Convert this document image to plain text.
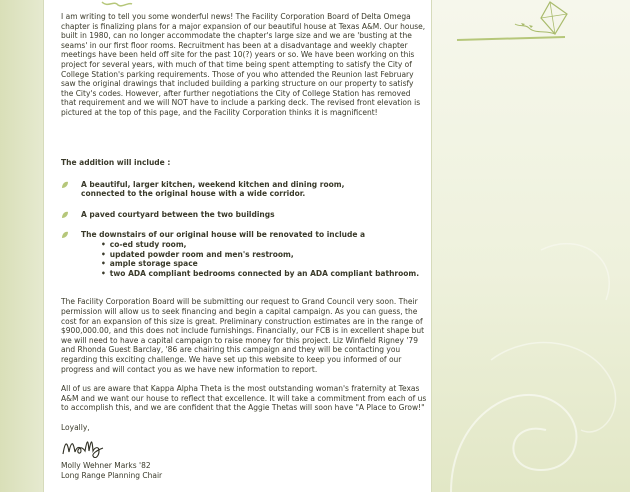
I am writing to tell you some wonderful news! The Facility Corporation Board of Delta Omega chapter is finalizing plans for a major expansion of our beautiful house at Texas A&M. Our house, built in 1980, can no longer accommodate the chapter's large size and we are 'busting at the seams' in our first floor rooms. Recruitment has been at a disadvantage and weekly chapter meetings have been held off site for the past 10(?) years or so. We have been working on this project for several years, with much of that time being spent attempting to satisfy the City of College Station's parking requirements. Those of you who attended the Reunion last February saw the original drawings that included building a parking structure on our property to satisfy the City's codes. However, after further negotiations the City of College Station has removed that requirement and we will NOT have to include a parking deck. The revised front elevation is pictured at the top of this page, and the Facility Corporation thinks it is magnificent!
The addition will include :
A beautiful, larger kitchen, weekend kitchen and dining room,
connected to the original house with a wide corridor.
A paved courtyard between the two buildings
The downstairs of our original house will be renovated to include a
• co-ed study room,
• updated powder room and men's restroom,
• ample storage space
• two ADA compliant bedrooms connected by an ADA compliant bathroom.
The Facility Corporation Board will be submitting our request to Grand Council very soon. Their permission will allow us to seek financing and begin a capital campaign. As you can guess, the cost for an expansion of this size is great. Preliminary construction estimates are in the range of $900,000.00, and this does not include furnishings. Financially, our FCB is in excellent shape but we will need to have a capital campaign to raise money for this project. Liz Winfield Rigney '79 and Rhonda Guest Barclay, '86 are chairing this campaign and they will be contacting you regarding this exciting challenge. We have set up this website to keep you informed of our progress and will contact you as we have new information to report.
All of us are aware that Kappa Alpha Theta is the most outstanding woman's fraternity at Texas A&M and we want our house to reflect that excellence. It will take a commitment from each of us to accomplish this, and we are confident that the Aggie Thetas will soon have "A Place to Grow!"
Loyally,
Molly Wehner Marks '82
Long Range Planning Chair
